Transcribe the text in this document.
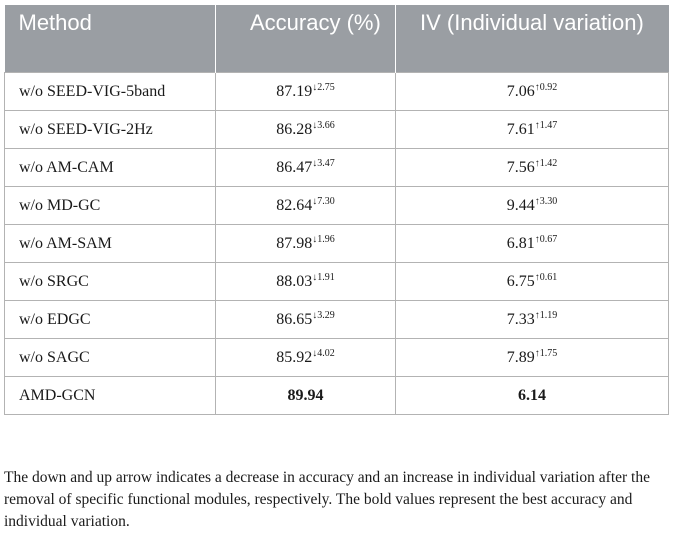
Method	Accuracy (%)	IV (Individual variation)
w/o SEED-VIG-5band	$87.19^{↓2.75}$	$7.06^{↑0.92}$
w/o SEED-VIG-2Hz	$86.28^{↓3.66}$	$7.61^{↑1.47}$
w/o AM-CAM	$86.47^{↓3.47}$	$7.56^{↑1.42}$
w/o MD-GC	$82.64^{↓7.30}$	$9.44^{↑3.30}$
w/o AM-SAM	$87.98^{↓1.96}$	$6.81^{↑0.67}$
w/o SRGC	$88.03^{↓1.91}$	$6.75^{↑0.61}$
w/o EDGC	$86.65^{↓3.29}$	$7.33^{↑1.19}$
w/o SAGC	$85.92^{↓4.02}$	$7.89^{↑1.75}$
AMD-GCN	89.94	6.14
The down and up arrow indicates a decrease in accuracy and an increase in individual variation after the removal of specific functional modules, respectively. The bold values represent the best accuracy and individual variation.
